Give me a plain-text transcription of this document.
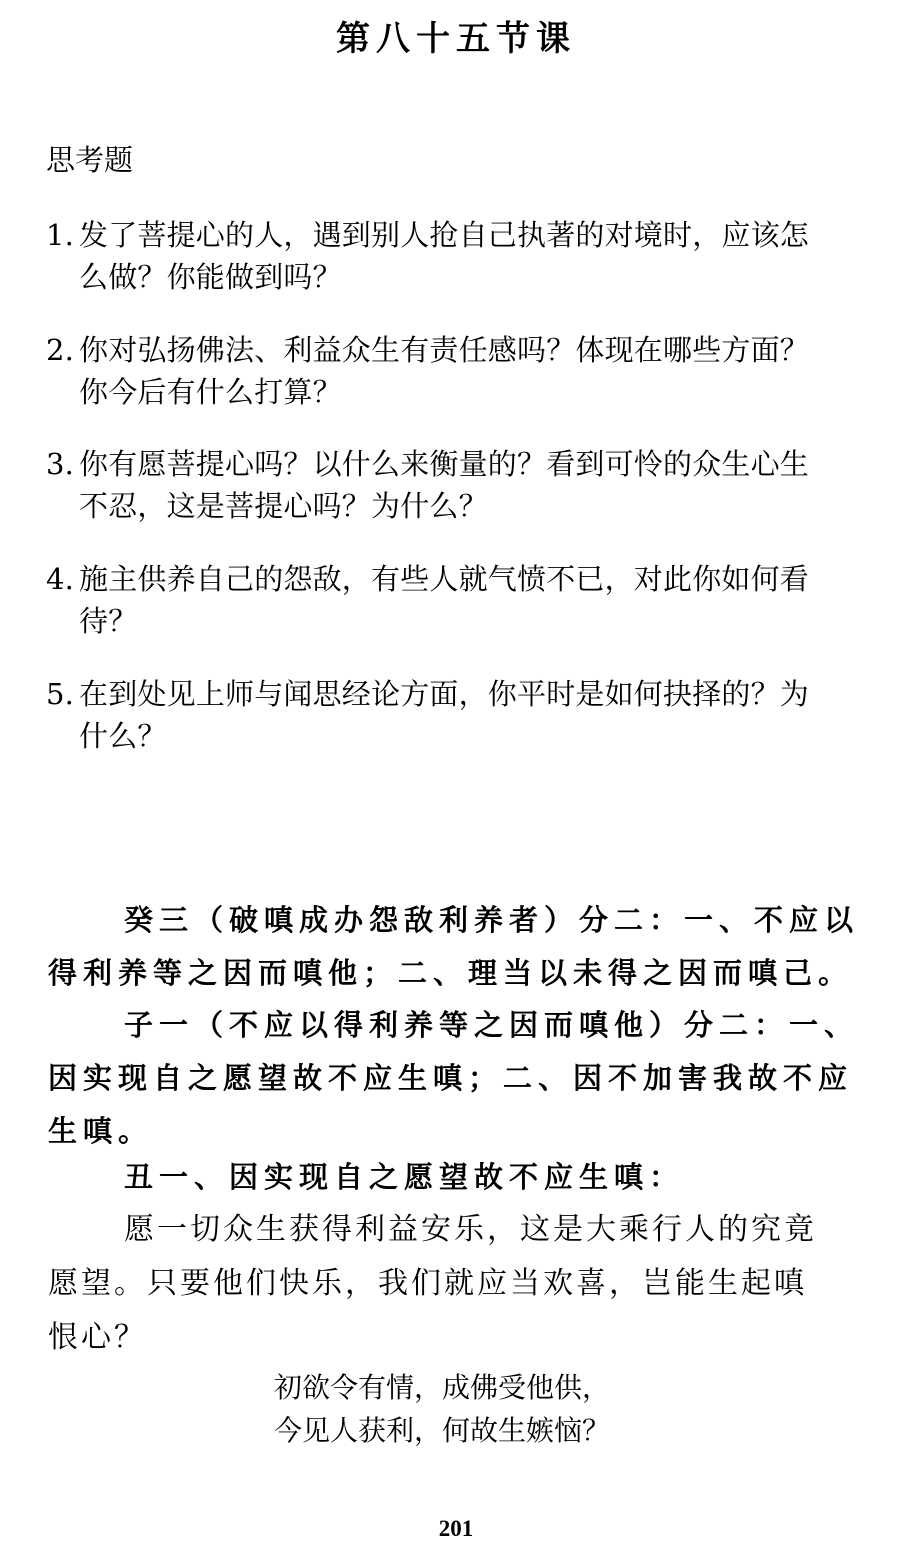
第八十五节课
思考题
1. 发了菩提心的人，遇到别人抢自己执著的对境时，应该怎
么做？你能做到吗？
2. 你对弘扬佛法、利益众生有责任感吗？体现在哪些方面？
你今后有什么打算？
3. 你有愿菩提心吗？以什么来衡量的？看到可怜的众生心生
不忍，这是菩提心吗？为什么？
4. 施主供养自己的怨敌，有些人就气愤不已，对此你如何看
待？
5. 在到处见上师与闻思经论方面，你平时是如何抉择的？为
什么？
癸三（破嗔成办怨敌利养者）分二：一、不应以
得利养等之因而嗔他；二、理当以未得之因而嗔己。
子一（不应以得利养等之因而嗔他）分二：一、
因实现自之愿望故不应生嗔；二、因不加害我故不应
生嗔。
丑一、因实现自之愿望故不应生嗔：
愿一切众生获得利益安乐，这是大乘行人的究竟
愿望。只要他们快乐，我们就应当欢喜，岂能生起嗔
恨心？
初欲令有情，成佛受他供，
今见人获利，何故生嫉恼？
201
